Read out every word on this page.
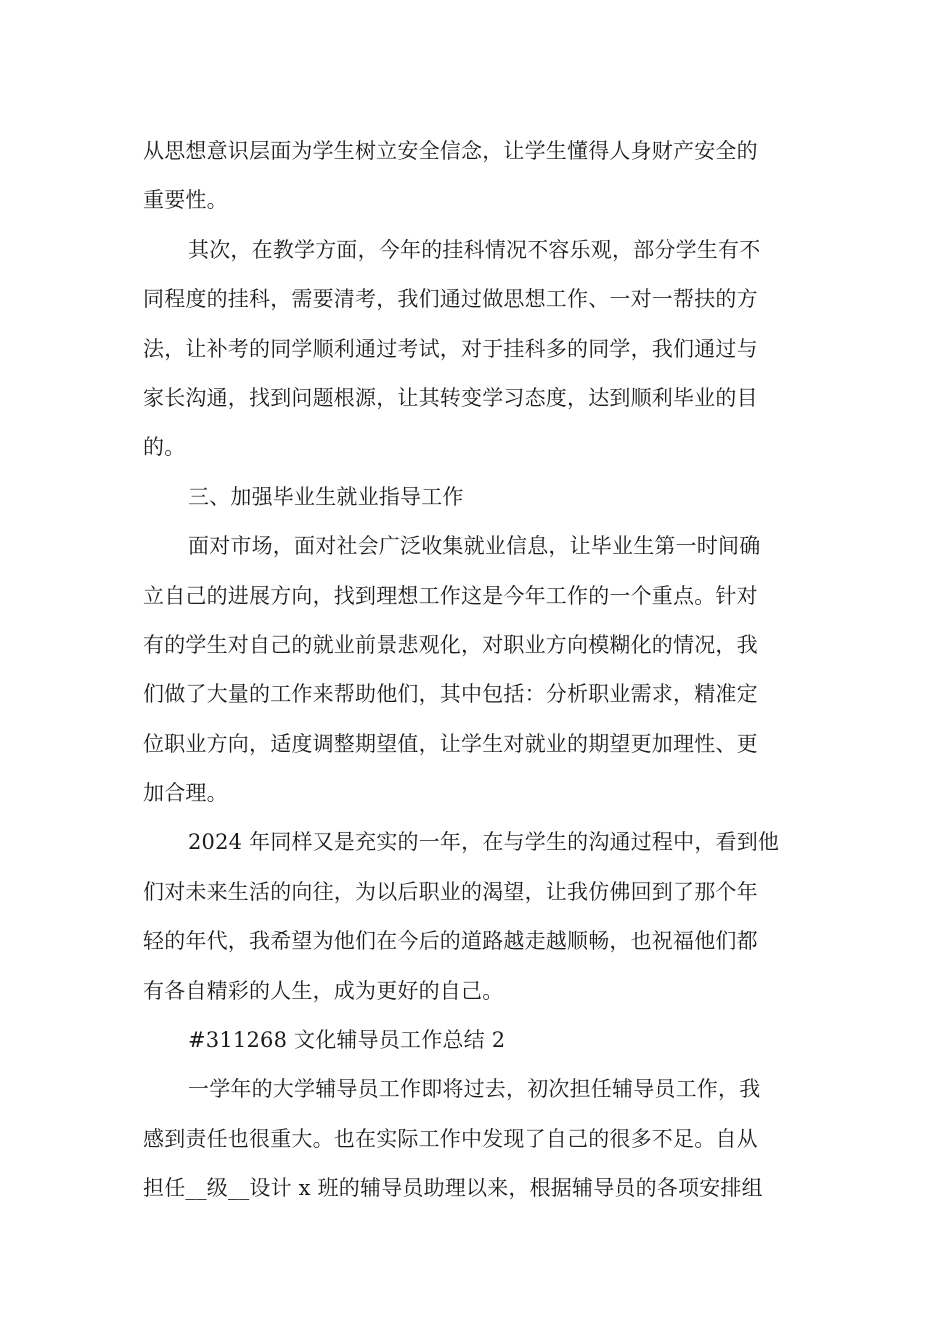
从思想意识层面为学生树立安全信念，让学生懂得人身财产安全的
重要性。
其次，在教学方面，今年的挂科情况不容乐观，部分学生有不
同程度的挂科，需要清考，我们通过做思想工作、一对一帮扶的方
法，让补考的同学顺利通过考试，对于挂科多的同学，我们通过与
家长沟通，找到问题根源，让其转变学习态度，达到顺利毕业的目
的。
三、加强毕业生就业指导工作
面对市场，面对社会广泛收集就业信息，让毕业生第一时间确
立自己的进展方向，找到理想工作这是今年工作的一个重点。针对
有的学生对自己的就业前景悲观化，对职业方向模糊化的情况，我
们做了大量的工作来帮助他们，其中包括：分析职业需求，精准定
位职业方向，适度调整期望值，让学生对就业的期望更加理性、更
加合理。
2024 年同样又是充实的一年，在与学生的沟通过程中，看到他
们对未来生活的向往，为以后职业的渴望，让我仿佛回到了那个年
轻的年代，我希望为他们在今后的道路越走越顺畅，也祝福他们都
有各自精彩的人生，成为更好的自己。
#311268 文化辅导员工作总结 2
一学年的大学辅导员工作即将过去，初次担任辅导员工作，我
感到责任也很重大。也在实际工作中发现了自己的很多不足。自从
担任__级__设计 x 班的辅导员助理以来，根据辅导员的各项安排组
